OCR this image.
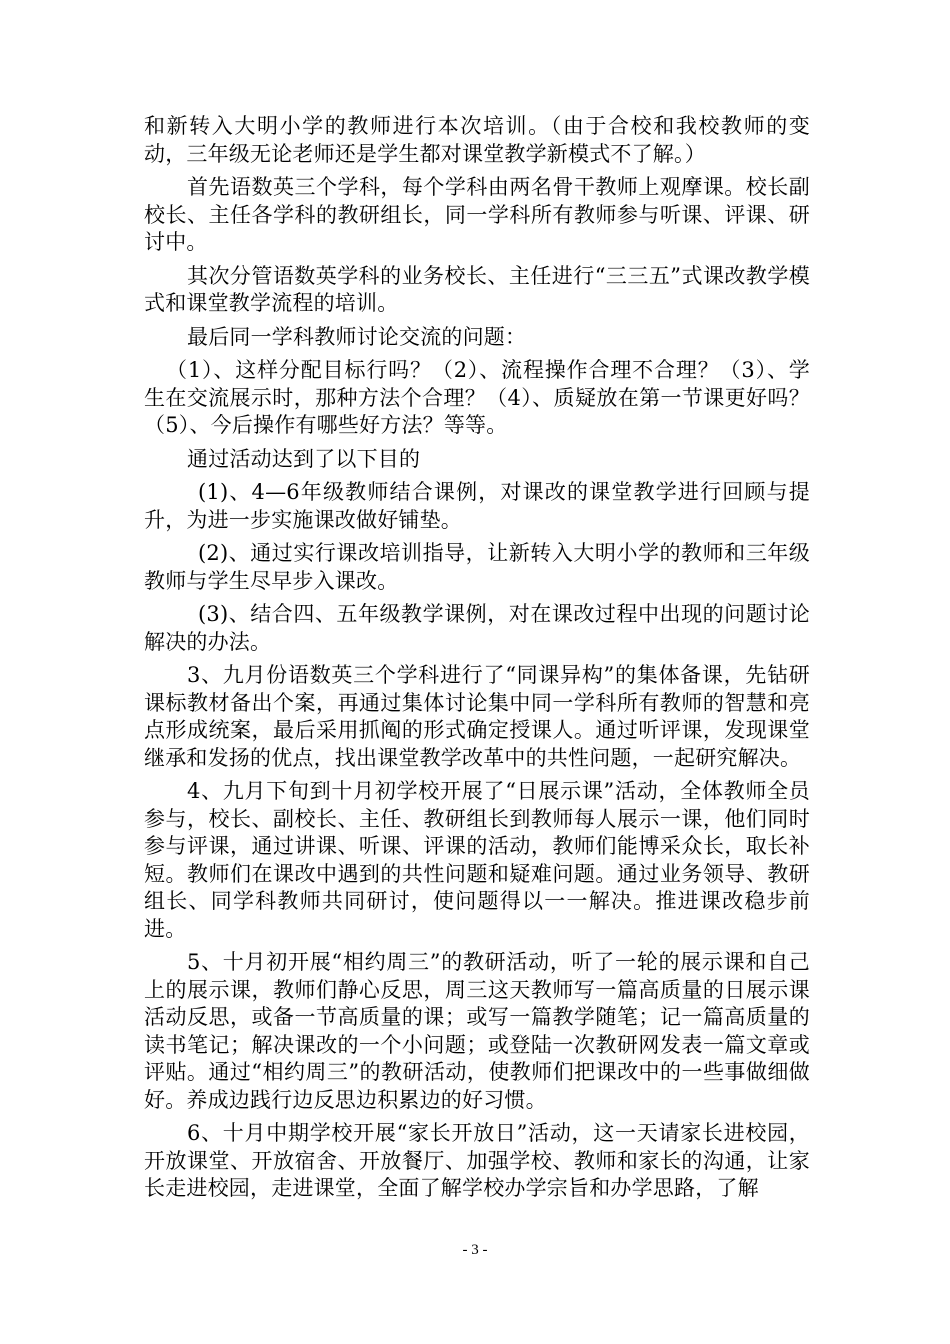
和新转入大明小学的教师进行本次培训。（由于合校和我校教师的变动，三年级无论老师还是学生都对课堂教学新模式不了解。）

首先语数英三个学科，每个学科由两名骨干教师上观摩课。校长副校长、主任各学科的教研组长，同一学科所有教师参与听课、评课、研讨中。

其次分管语数英学科的业务校长、主任进行“三三五”式课改教学模式和课堂教学流程的培训。

最后同一学科教师讨论交流的问题：

（1）、这样分配目标行吗？（2）、流程操作合理不合理？（3）、学生在交流展示时，那种方法个合理？（4）、质疑放在第一节课更好吗？（5）、今后操作有哪些好方法？等等。

通过活动达到了以下目的

(1)、4—6年级教师结合课例，对课改的课堂教学进行回顾与提升，为进一步实施课改做好铺垫。

(2)、通过实行课改培训指导，让新转入大明小学的教师和三年级教师与学生尽早步入课改。

(3)、结合四、五年级教学课例，对在课改过程中出现的问题讨论解决的办法。

3、九月份语数英三个学科进行了“同课异构”的集体备课，先钻研课标教材备出个案，再通过集体讨论集中同一学科所有教师的智慧和亮点形成统案，最后采用抓阄的形式确定授课人。通过听评课，发现课堂继承和发扬的优点，找出课堂教学改革中的共性问题，一起研究解决。

4、九月下旬到十月初学校开展了“日展示课”活动，全体教师全员参与，校长、副校长、主任、教研组长到教师每人展示一课，他们同时参与评课，通过讲课、听课、评课的活动，教师们能博采众长，取长补短。教师们在课改中遇到的共性问题和疑难问题。通过业务领导、教研组长、同学科教师共同研讨，使问题得以一一解决。推进课改稳步前进。

5、十月初开展“相约周三”的教研活动，听了一轮的展示课和自己上的展示课，教师们静心反思，周三这天教师写一篇高质量的日展示课活动反思，或备一节高质量的课；或写一篇教学随笔；记一篇高质量的读书笔记；解决课改的一个小问题；或登陆一次教研网发表一篇文章或评贴。通过“相约周三”的教研活动，使教师们把课改中的一些事做细做好。养成边践行边反思边积累边的好习惯。

6、十月中期学校开展“家长开放日”活动，这一天请家长进校园，开放课堂、开放宿舍、开放餐厅、加强学校、教师和家长的沟通，让家长走进校园，走进课堂，全面了解学校办学宗旨和办学思路，了解

- 3 -
